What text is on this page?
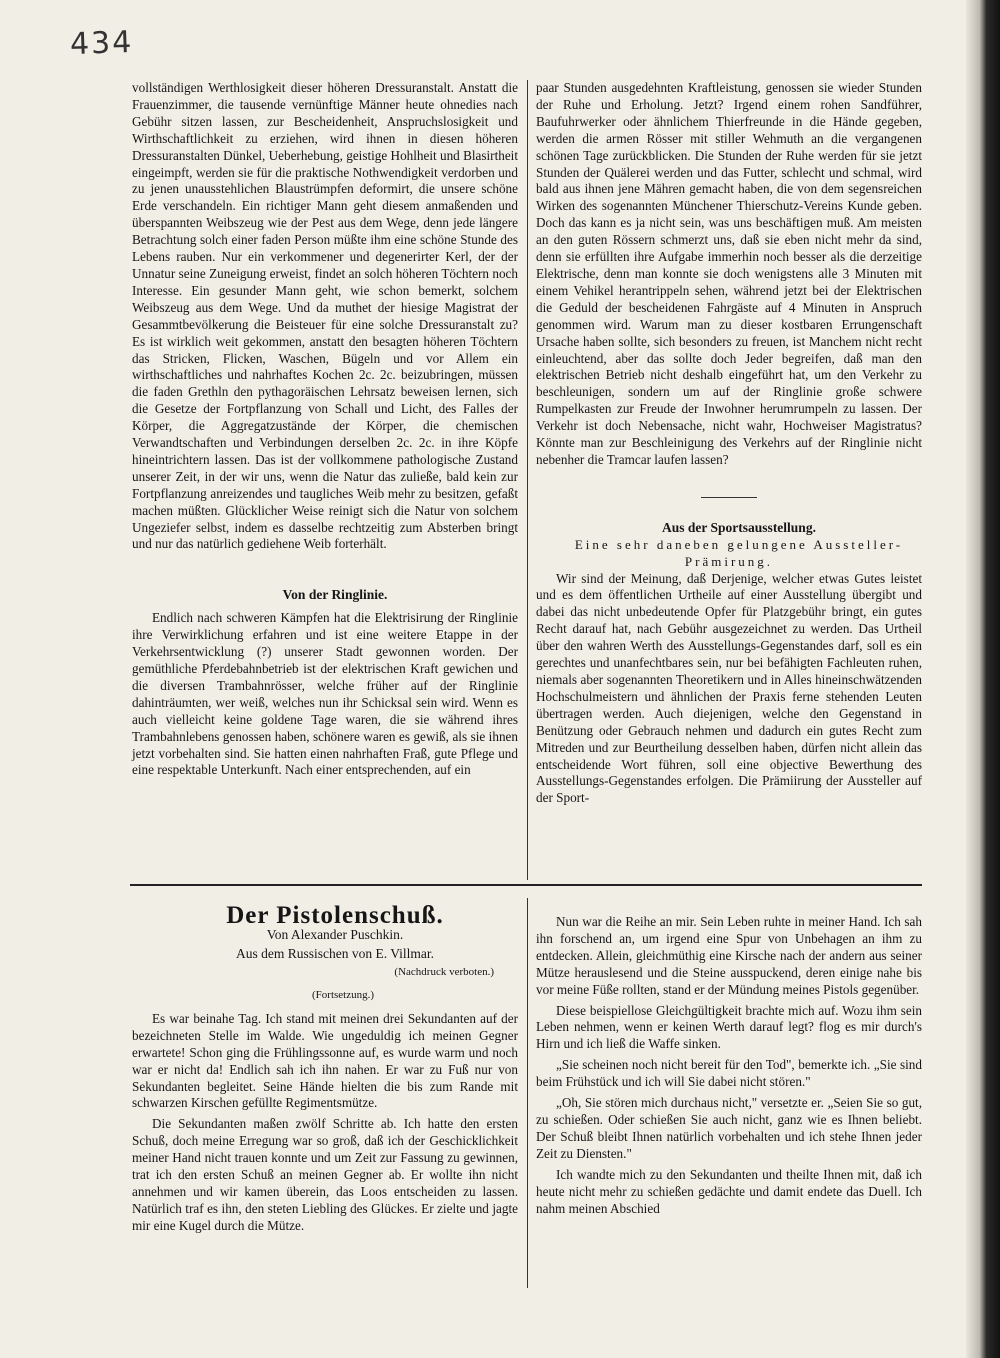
434

vollständigen Werthlosigkeit dieser höheren Dressuranstalt. Anstatt die Frauenzimmer, die tausende vernünftige Männer heute ohnedies nach Gebühr sitzen lassen, zur Bescheidenheit, Anspruchslosigkeit und Wirthschaftlichkeit zu erziehen, wird ihnen in diesen höheren Dressuranstalten Dünkel, Ueberhebung, geistige Hohlheit und Blasirtheit eingeimpft, werden sie für die praktische Nothwendigkeit verdorben und zu jenen unausstehlichen Blaustrümpfen deformirt, die unsere schöne Erde verschandeln. Ein richtiger Mann geht diesem anmaßenden und überspannten Weibszeug wie der Pest aus dem Wege, denn jede längere Betrachtung solch einer faden Person müßte ihm eine schöne Stunde des Lebens rauben. Nur ein verkommener und degenerirter Kerl, der der Unnatur seine Zuneigung erweist, findet an solch höheren Töchtern noch Interesse. Ein gesunder Mann geht, wie schon bemerkt, solchem Weibszeug aus dem Wege. Und da muthet der hiesige Magistrat der Gesammtbevölkerung die Beisteuer für eine solche Dressuranstalt zu? Es ist wirklich weit gekommen, anstatt den besagten höheren Töchtern das Stricken, Flicken, Waschen, Bügeln und vor Allem ein wirthschaftliches und nahrhaftes Kochen 2c. 2c. beizubringen, müssen die faden Grethln den pythagoräischen Lehrsatz beweisen lernen, sich die Gesetze der Fortpflanzung von Schall und Licht, des Falles der Körper, die Aggregatzustände der Körper, die chemischen Verwandtschaften und Verbindungen derselben 2c. 2c. in ihre Köpfe hineintrichtern lassen. Das ist der vollkommene pathologische Zustand unserer Zeit, in der wir uns, wenn die Natur das zuließe, bald kein zur Fortpflanzung anreizendes und taugliches Weib mehr zu besitzen, gefaßt machen müßten. Glücklicher Weise reinigt sich die Natur von solchem Ungeziefer selbst, indem es dasselbe rechtzeitig zum Absterben bringt und nur das natürlich gediehene Weib forterhält.

Von der Ringlinie.

Endlich nach schweren Kämpfen hat die Elektrisirung der Ringlinie ihre Verwirklichung erfahren und ist eine weitere Etappe in der Verkehrsentwicklung (?) unserer Stadt gewonnen worden. Der gemüthliche Pferdebahnbetrieb ist der elektrischen Kraft gewichen und die diversen Trambahnrösser, welche früher auf der Ringlinie dahinträumten, wer weiß, welches nun ihr Schicksal sein wird. Wenn es auch vielleicht keine goldene Tage waren, die sie während ihres Trambahnlebens genossen haben, schönere waren es gewiß, als sie ihnen jetzt vorbehalten sind. Sie hatten einen nahrhaften Fraß, gute Pflege und eine respektable Unterkunft. Nach einer entsprechenden, auf ein

paar Stunden ausgedehnten Kraftleistung, genossen sie wieder Stunden der Ruhe und Erholung. Jetzt? Irgend einem rohen Sandführer, Baufuhrwerker oder ähnlichem Thierfreunde in die Hände gegeben, werden die armen Rösser mit stiller Wehmuth an die vergangenen schönen Tage zurückblicken. Die Stunden der Ruhe werden für sie jetzt Stunden der Quälerei werden und das Futter, schlecht und schmal, wird bald aus ihnen jene Mähren gemacht haben, die von dem segensreichen Wirken des sogenannten Münchener Thierschutz-Vereins Kunde geben. Doch das kann es ja nicht sein, was uns beschäftigen muß. Am meisten an den guten Rössern schmerzt uns, daß sie eben nicht mehr da sind, denn sie erfüllten ihre Aufgabe immerhin noch besser als die derzeitige Elektrische, denn man konnte sie doch wenigstens alle 3 Minuten mit einem Vehikel herantrippeln sehen, während jetzt bei der Elektrischen die Geduld der bescheidenen Fahrgäste auf 4 Minuten in Anspruch genommen wird. Warum man zu dieser kostbaren Errungenschaft Ursache haben sollte, sich besonders zu freuen, ist Manchem nicht recht einleuchtend, aber das sollte doch Jeder begreifen, daß man den elektrischen Betrieb nicht deshalb eingeführt hat, um den Verkehr zu beschleunigen, sondern um auf der Ringlinie große schwere Rumpelkasten zur Freude der Inwohner herumrumpeln zu lassen. Der Verkehr ist doch Nebensache, nicht wahr, Hochweiser Magistratus? Könnte man zur Beschleinigung des Verkehrs auf der Ringlinie nicht nebenher die Tramcar laufen lassen?

Aus der Sportsausstellung.

Eine sehr daneben gelungene Aussteller-Prämirung.

Wir sind der Meinung, daß Derjenige, welcher etwas Gutes leistet und es dem öffentlichen Urtheile auf einer Ausstellung übergibt und dabei das nicht unbedeutende Opfer für Platzgebühr bringt, ein gutes Recht darauf hat, nach Gebühr ausgezeichnet zu werden. Das Urtheil über den wahren Werth des Ausstellungs-Gegenstandes darf, soll es ein gerechtes und unanfechtbares sein, nur bei befähigten Fachleuten ruhen, niemals aber sogenannten Theoretikern und in Alles hineinschwätzenden Hochschulmeistern und ähnlichen der Praxis ferne stehenden Leuten übertragen werden. Auch diejenigen, welche den Gegenstand in Benützung oder Gebrauch nehmen und dadurch ein gutes Recht zum Mitreden und zur Beurtheilung desselben haben, dürfen nicht allein das entscheidende Wort führen, soll eine objective Bewerthung des Ausstellungs-Gegenstandes erfolgen. Die Prämiirung der Aussteller auf der Sport-

Der Pistolenschuß.

Von Alexander Puschkin.

Aus dem Russischen von E. Villmar.

(Nachdruck verboten.)

(Fortsetzung.)

Es war beinahe Tag. Ich stand mit meinen drei Sekundanten auf der bezeichneten Stelle im Walde. Wie ungeduldig ich meinen Gegner erwartete! Schon ging die Frühlingssonne auf, es wurde warm und noch war er nicht da! Endlich sah ich ihn nahen. Er war zu Fuß nur von Sekundanten begleitet. Seine Hände hielten die bis zum Rande mit schwarzen Kirschen gefüllte Regimentsmütze.

Die Sekundanten maßen zwölf Schritte ab. Ich hatte den ersten Schuß, doch meine Erregung war so groß, daß ich der Geschicklichkeit meiner Hand nicht trauen konnte und um Zeit zur Fassung zu gewinnen, trat ich den ersten Schuß an meinen Gegner ab. Er wollte ihn nicht annehmen und wir kamen überein, das Loos entscheiden zu lassen. Natürlich traf es ihn, den steten Liebling des Glückes. Er zielte und jagte mir eine Kugel durch die Mütze.

Nun war die Reihe an mir. Sein Leben ruhte in meiner Hand. Ich sah ihn forschend an, um irgend eine Spur von Unbehagen an ihm zu entdecken. Allein, gleichmüthig eine Kirsche nach der andern aus seiner Mütze herauslesend und die Steine ausspuckend, deren einige nahe bis vor meine Füße rollten, stand er der Mündung meines Pistols gegenüber.

Diese beispiellose Gleichgültigkeit brachte mich auf. Wozu ihm sein Leben nehmen, wenn er keinen Werth darauf legt? flog es mir durch's Hirn und ich ließ die Waffe sinken.

„Sie scheinen noch nicht bereit für den Tod", bemerkte ich. „Sie sind beim Frühstück und ich will Sie dabei nicht stören."

„Oh, Sie stören mich durchaus nicht," versetzte er. „Seien Sie so gut, zu schießen. Oder schießen Sie auch nicht, ganz wie es Ihnen beliebt. Der Schuß bleibt Ihnen natürlich vorbehalten und ich stehe Ihnen jeder Zeit zu Diensten."

Ich wandte mich zu den Sekundanten und theilte Ihnen mit, daß ich heute nicht mehr zu schießen gedächte und damit endete das Duell. Ich nahm meinen Abschied
